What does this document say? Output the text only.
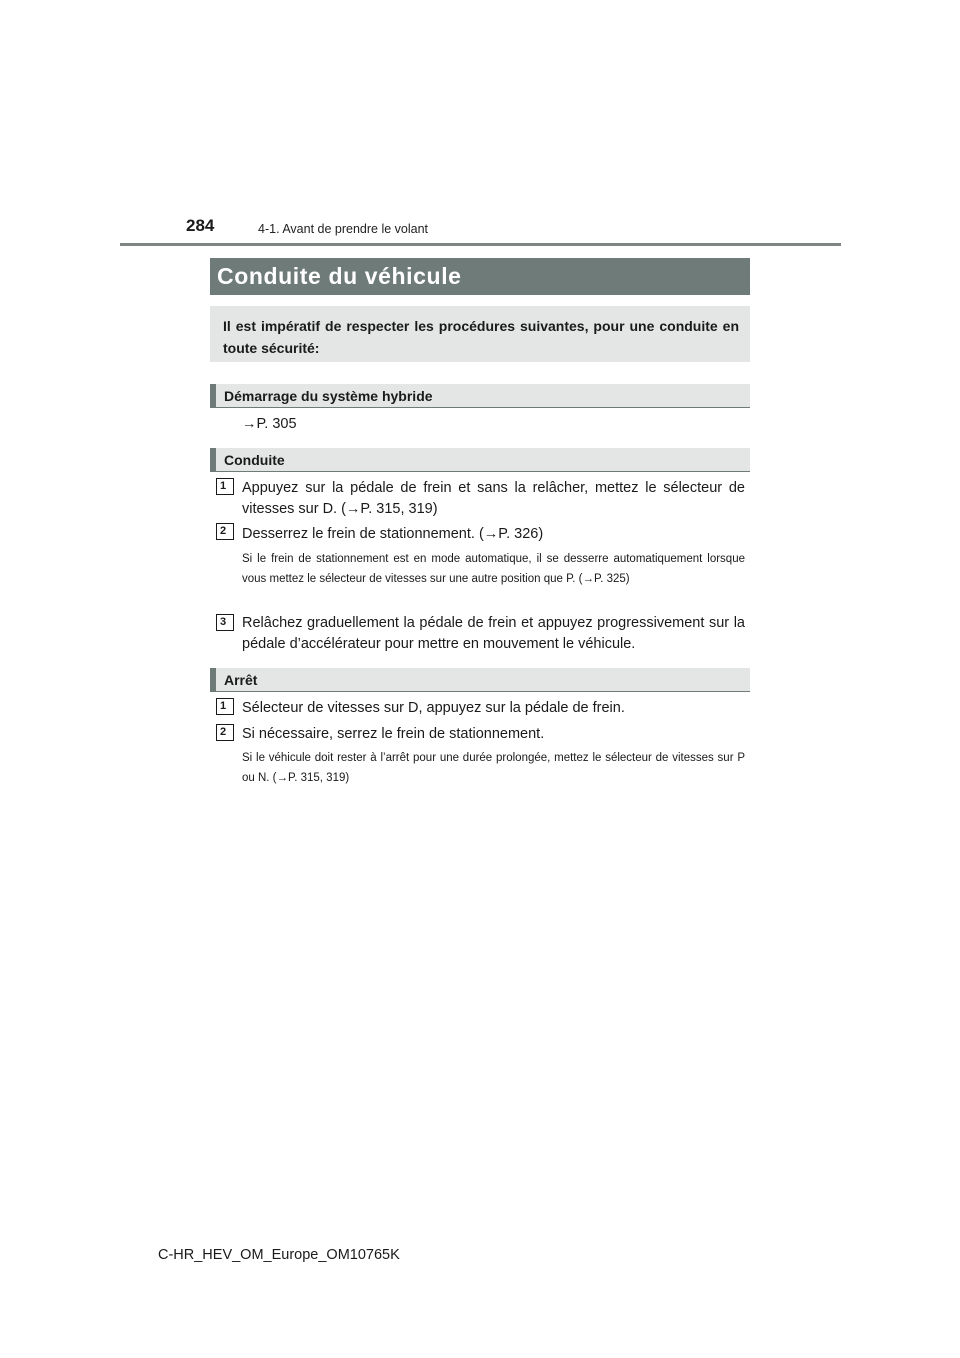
284	4-1. Avant de prendre le volant
Conduite du véhicule
Il est impératif de respecter les procédures suivantes, pour une conduite en toute sécurité:
Démarrage du système hybride
→P. 305
Conduite
1	Appuyez sur la pédale de frein et sans la relâcher, mettez le sélecteur de vitesses sur D. (→P. 315, 319)
2	Desserrez le frein de stationnement. (→P. 326)
Si le frein de stationnement est en mode automatique, il se desserre automatiquement lorsque vous mettez le sélecteur de vitesses sur une autre position que P. (→P. 325)
3	Relâchez graduellement la pédale de frein et appuyez progressivement sur la pédale d’accélérateur pour mettre en mouvement le véhicule.
Arrêt
1	Sélecteur de vitesses sur D, appuyez sur la pédale de frein.
2	Si nécessaire, serrez le frein de stationnement.
Si le véhicule doit rester à l’arrêt pour une durée prolongée, mettez le sélecteur de vitesses sur P ou N. (→P. 315, 319)
C-HR_HEV_OM_Europe_OM10765K
